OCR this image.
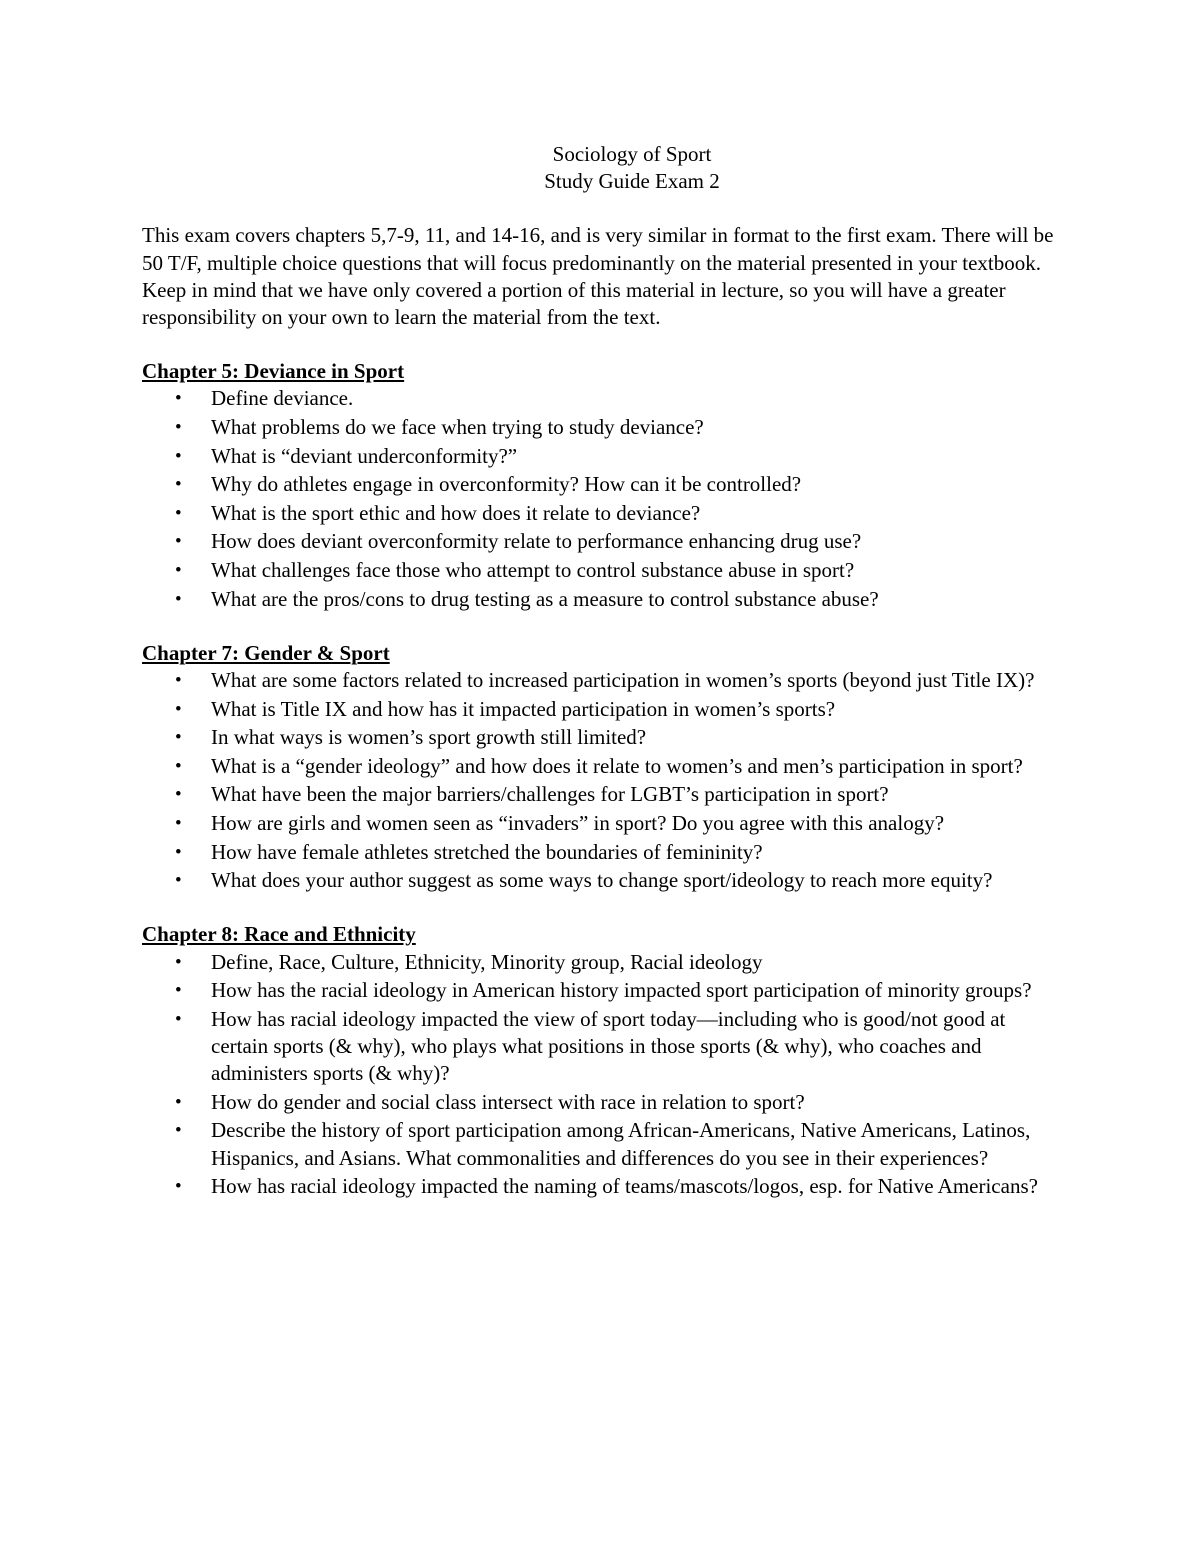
Sociology of Sport
Study Guide Exam 2

This exam covers chapters 5,7-9, 11, and 14-16, and is very similar in format to the first exam. There will be 50 T/F, multiple choice questions that will focus predominantly on the material presented in your textbook. Keep in mind that we have only covered a portion of this material in lecture, so you will have a greater responsibility on your own to learn the material from the text.

Chapter 5: Deviance in Sport

• Define deviance.
• What problems do we face when trying to study deviance?
• What is “deviant underconformity?”
• Why do athletes engage in overconformity? How can it be controlled?
• What is the sport ethic and how does it relate to deviance?
• How does deviant overconformity relate to performance enhancing drug use?
• What challenges face those who attempt to control substance abuse in sport?
• What are the pros/cons to drug testing as a measure to control substance abuse?

Chapter 7: Gender & Sport

• What are some factors related to increased participation in women’s sports (beyond just Title IX)?
• What is Title IX and how has it impacted participation in women’s sports?
• In what ways is women’s sport growth still limited?
• What is a “gender ideology” and how does it relate to women’s and men’s participation in sport?
• What have been the major barriers/challenges for LGBT’s participation in sport?
• How are girls and women seen as “invaders” in sport? Do you agree with this analogy?
• How have female athletes stretched the boundaries of femininity?
• What does your author suggest as some ways to change sport/ideology to reach more equity?

Chapter 8: Race and Ethnicity

• Define, Race, Culture, Ethnicity, Minority group, Racial ideology
• How has the racial ideology in American history impacted sport participation of minority groups?
• How has racial ideology impacted the view of sport today—including who is good/not good at certain sports (& why), who plays what positions in those sports (& why), who coaches and administers sports (& why)?
• How do gender and social class intersect with race in relation to sport?
• Describe the history of sport participation among African-Americans, Native Americans, Latinos, Hispanics, and Asians. What commonalities and differences do you see in their experiences?
• How has racial ideology impacted the naming of teams/mascots/logos, esp. for Native Americans?
